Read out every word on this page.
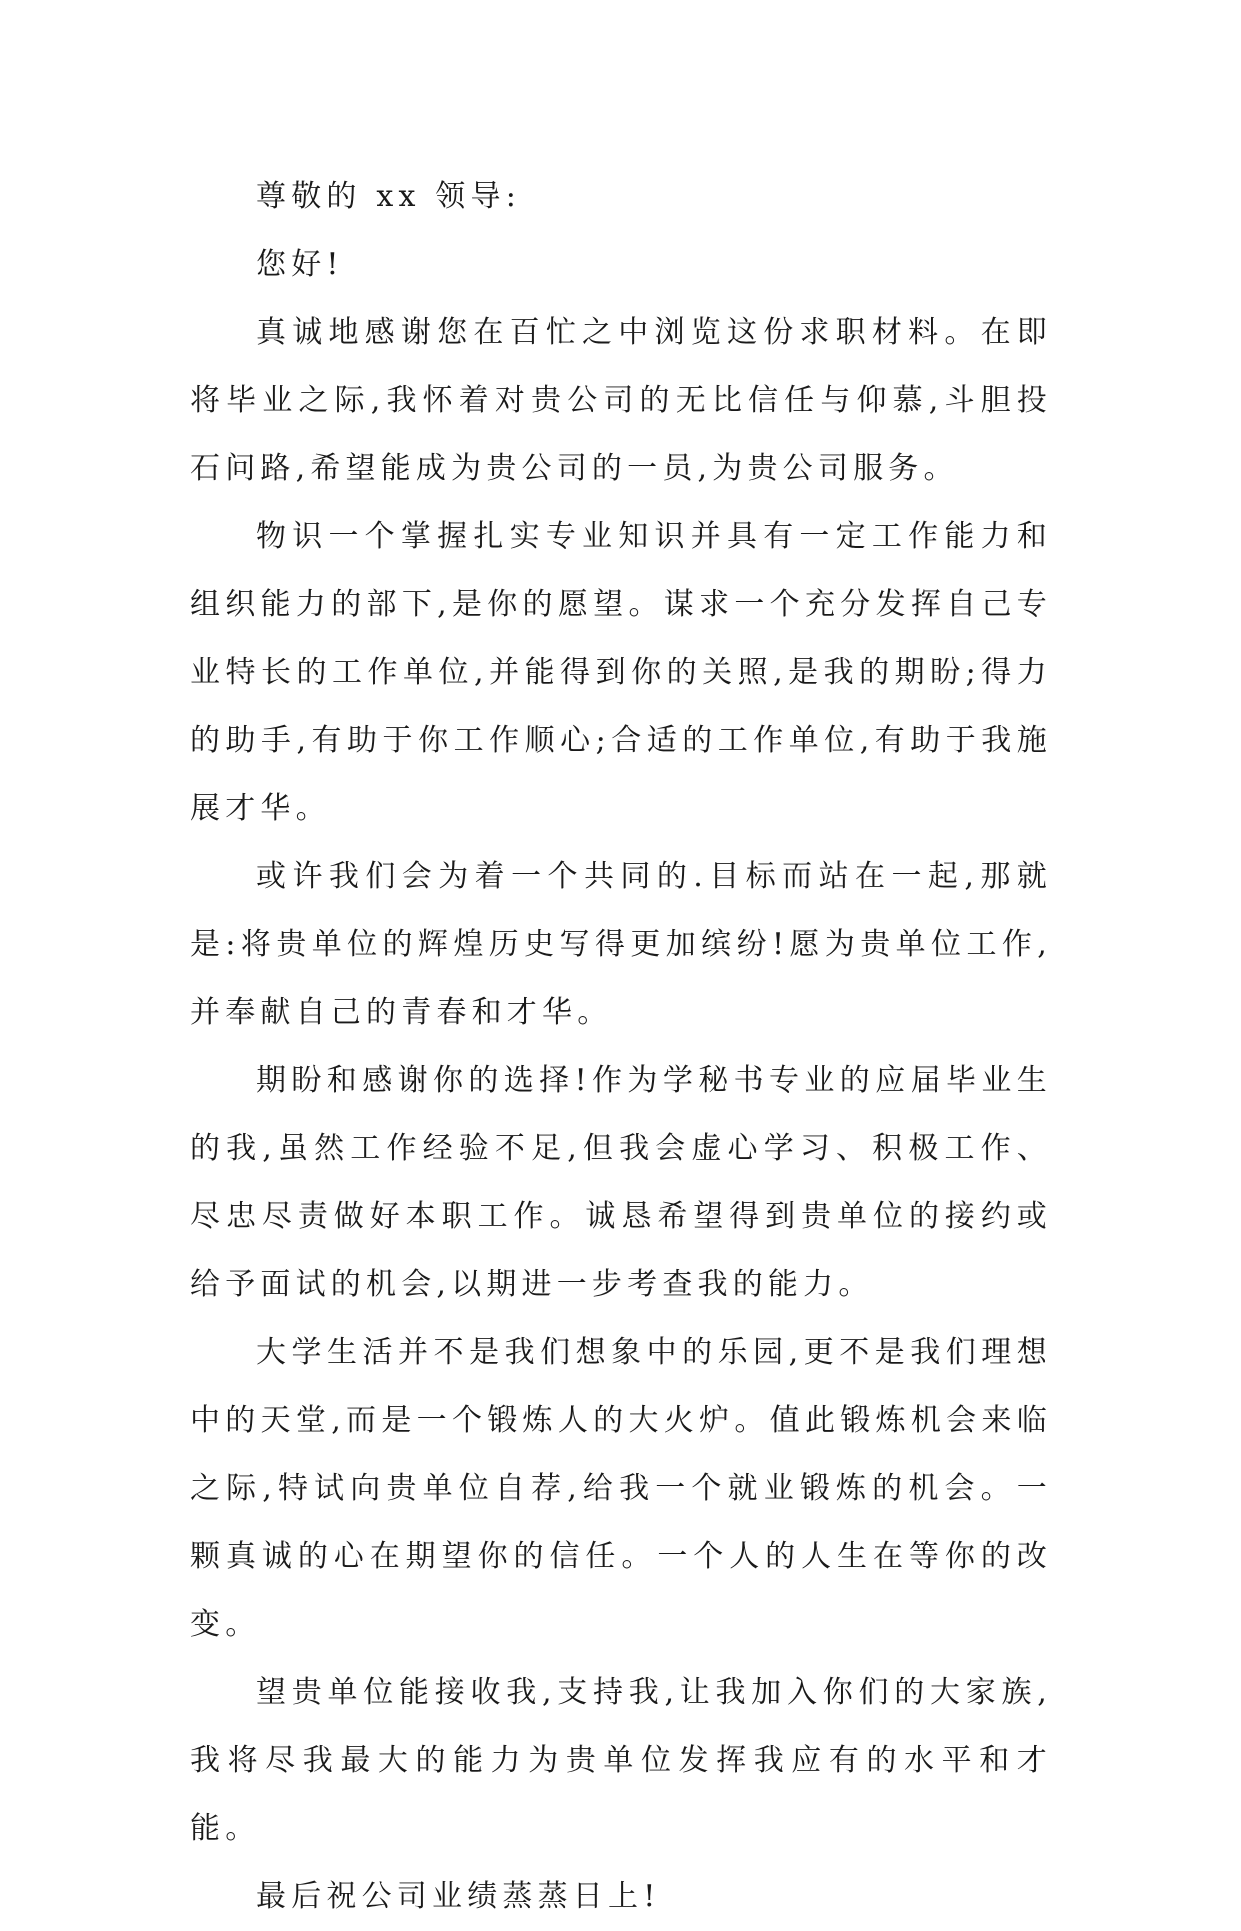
尊敬的 xx 领导:

您好!

真诚地感谢您在百忙之中浏览这份求职材料。在即将毕业之际,我怀着对贵公司的无比信任与仰慕,斗胆投石问路,希望能成为贵公司的一员,为贵公司服务。

物识一个掌握扎实专业知识并具有一定工作能力和组织能力的部下,是你的愿望。谋求一个充分发挥自己专业特长的工作单位,并能得到你的关照,是我的期盼;得力的助手,有助于你工作顺心;合适的工作单位,有助于我施展才华。

或许我们会为着一个共同的.目标而站在一起,那就是:将贵单位的辉煌历史写得更加缤纷!愿为贵单位工作,并奉献自己的青春和才华。

期盼和感谢你的选择!作为学秘书专业的应届毕业生的我,虽然工作经验不足,但我会虚心学习、积极工作、尽忠尽责做好本职工作。诚恳希望得到贵单位的接约或给予面试的机会,以期进一步考查我的能力。

大学生活并不是我们想象中的乐园,更不是我们理想中的天堂,而是一个锻炼人的大火炉。值此锻炼机会来临之际,特试向贵单位自荐,给我一个就业锻炼的机会。一颗真诚的心在期望你的信任。一个人的人生在等你的改变。

望贵单位能接收我,支持我,让我加入你们的大家族,我将尽我最大的能力为贵单位发挥我应有的水平和才能。

最后祝公司业绩蒸蒸日上!
